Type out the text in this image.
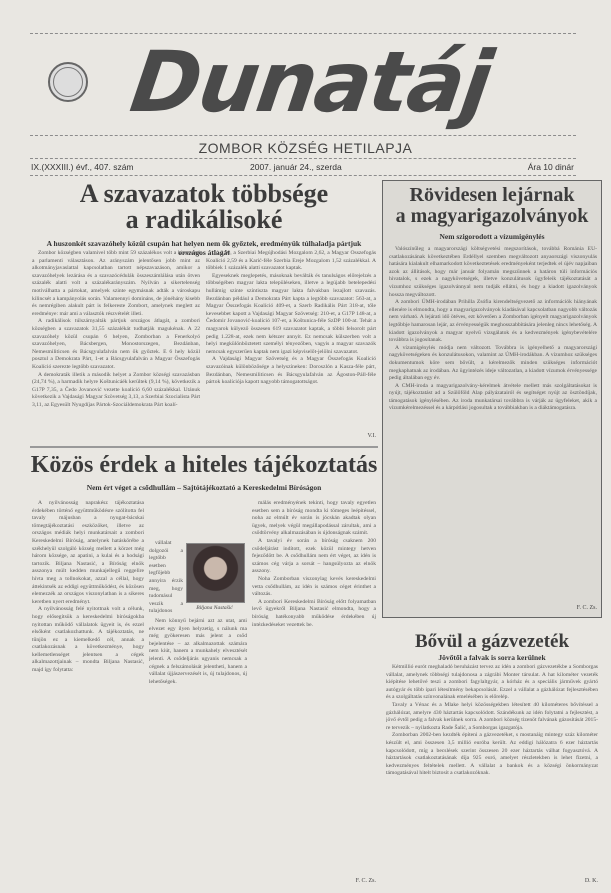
Dunatáj
ZOMBOR KÖZSÉG HETILAPJA
IX.(XXXIII.) évf., 407. szám	2007. január 24., szerda	Ára 10 dinár
A szavazatok többsége
a radikálisoké
A huszonkét szavazóhely közül csupán hat helyen nem ők győztek, eredményük túlhaladja pártjuk országos átlagát

Zombor községben valamivel több mint 59 százalékos volt a kimenetel a parlamenti választáson. Az arányszám jelentősen jobb mint az alkotmányjavaslattal kapcsolatban tartott népszavazáson, amikor a szavazóhelyek lezárása és a szavazócédulák összeszámlálása után ötven százalék alatti volt a százalékarányszám. Nyilván a sikertelenség motiválhatta a pártokat, amelyek szinte egymásnak adták a városkapu kilincsét a kampányolás során. Valamennyi domináns, de jónéhány kisebb és nemrégiben alakult párt is felkereste Zombort, amelynek meglett az eredménye: már ami a választók részvételét illeti.

A radikálisok túlszárnyalták pártjuk országos átlagát, a zombori községben a szavazatok 31,55 százalékát tudhatják magukénak. A 22 szavazóhely közül csupán 6 helyen, Zomborban a Fenerkolyó szavazóhelyen, Bácsbergen, Monostorszegen, Bezdánban, Nemesmiliticsen és Bácsgyulafalván nem ők győztek. E 6 hely közül posztul a Demokrata Párt, 1-et a Bácsgyulafalván a Magyar Összefogás Koalíció szerezte legtöbb szavazatot.

A demokraták illetik a második helyet a Zombor községi szavazásban (24,74 %), a harmadik helyre Koštunicáék kerültek (9,14 %), következik a G17P 7,35, a Čedo Jovanović vezette koalíció 6,60 százalékkal. Utánuk következik a Vajdasági Magyar Szövetség 3,13, a Szerbiai Szocialista Párt 3,11, az Egyesült Nyugdíjas Pártok-Szociáldemokrata Párt koalí-

ció 2,90, a Szerbiai Megújhodási Mozgalom 2,62, a Magyar Összefogás Koalíció 2,59 és a Karić-féle Szerbia Ereje Mozgalom 1,52 százalékkal. A többiek 1 százalék alatti szavazatot kaptak.

Egyeseknek meglepetés, másoknak beválták és tanulságos előrejelzés a többségében magyar lakta településeken, illetve a legújabb betelepedési hullámig szinte színtiszta magyar lakta falvakban lezajlott szavazás. Bezdánban például a Demokrata Párt kapta a legtöbb szavazatot: 563-at, a Magyar Összefogás Koalíció 409-et, a Szerb Radikális Párt 318-at, tőle kevesebbet kapott a Vajdasági Magyar Szövetség: 210-et, a G17P 148-at, a Čedomir Jovanović-koalíció 107-et, a Koštunica-féle SzDP 100-at. Tehát a magyarok külyező összesen 619 szavazatot kaptak, a többi felsorolt párt pedig 1.228-at, ezek nem kétszer annyit. Ez nemcsak külszerben volt a helyi megkülönböztetett személyi tényezőben, vagyis a magyar szavazók nemcsak egyszerűen kaptak nem igazi képviselőt-jelölni szavazatot.

A Vajdasági Magyar Szövetség és a Magyar Összefogás Koalíció szavazóinak különbözősége a helyszíneken: Doroszlón a Kasza-féle párt, Bezdánban, Nemesmiliticsen és Bácsgyulafalván az Ágoston-Páll-féle pártok koalíciója kapott nagyobb támogatottságot.

V.I.
Közös érdek a hiteles tájékoztatás
Nem ért véget a csődhullám – Sajtótájékoztató a Kereskedelmi Bíróságon

A nyilvánosság naprakész tájékoztatása érdekében történő együttműködésre szólította fel tavaly májusban a nyugat-bácskai tömegtájékoztatási eszközöket, illetve az országos médiák helyi munkatársait a zombori Kereskedelmi Bíróság, amelynek hatáskörébe a székhelyül szolgáló község mellett a körzet még három községe, az apatini, a kulai és a hodsági tartozik. Biljana Nastasić, a Bíróság elnök asszonya múlt kedden munkajellegű reggelire hívta meg a tollnokokat, azzal a céllal, hogy áttekintsék az eddigi együttműködést, és közösen elemezzék az országos viszonylatban is a sikeres keretben nyert eredményt.

A nyilvánosság felé nyitottnak volt a célunk, hogy elősegítsük a kereskedelmi bíróságokba nyitottan működő vállalatok ügyeit is, és ezzel elsőként csatlakozhattunk. A tájékoztatás, ne tűnjön ez a kiemelkedő cél, annak a csatlakozásnak a következménye, hogy kellemetlenséget jelentsen a cégek alkalmazottjainak – mondta Biljana Nastasić, majd így folytatta:

vállalat dolgozói a legtöbb esetben legfőjebb annyira érzik meg, hogy tudomásul veszik a tulajdonos

Nem könnyű bejárni azt az utat, ami elvezet egy ilyen helyzetig, s nálunk ma még gyökeresen más jelent a csőd bejelentése – az alkalmazottak számára nem kiút, hanem a munkahely elvesztését jelenti. A csődeljárás ugyanis nemcsak a cégnek a felszámolását jelentheti, hanem a vállalat újjászervezését is, új tulajdonos, új lehetőségek.

Biljana Nastašić

málás eredményének tekinti, hogy tavaly egyetlen esetben sem a bíróság mondta ki tömeges leépítéssel, noha az elmúlt év során is jócskán akadtak olyan ügyek, melyek végül megállapodással zárultak, ami a csődtörvény alkalmazásában is újdonságnak számít.

A tavalyi év során a bíróság csaknem 200 csődeljárást indított, ezek közül mintegy hetven fejeződött be. A csődhullám nem ért véget, az idén is számos cég várja a sorsát – hangsúlyozta az elnök asszony.

Noha Zomborban viszonylag kevés kereskedelmi vetta csődhullám, az idén is számos céget érinthet a változás.

A zombori Kereskedelmi Bíróság előtt folyamatban levő ügyekről Biljana Nastasić elmondta, hogy a bíróság hatékonyabb működése érdekében új intézkedéseket vezettek be.

F. C. Zs.
Rövidesen lejárnak
a magyarigazolványok
Nem szigorodott a vízumigénylés

Valószínűleg a magyarországi költségvetési megszorítások, továbbá Románia EU-csatlakozásának következtében Erdéllyel szemben megváltozott anyaországi viszonyulás hatására kialakult elhamarkodott következtetések eredményeként terjedtek el újév napjaiban azok az állítások, hogy már január folyamán megszűnnek a határon túli információs hivatalok, s ezek a nagykövetségek, illetve konzulátusok ügyfeleik tájékoztatását a vízumhoz szükséges igazolvánnyal nem tudják ellátni, és hogy a kiadott igazolványok hossza megváltozott.

A zombori ÚMH-irodában Prihilla Zsófia kirendeltségvezető az információk hiányának ellenére is elmondta, hogy a magyarigazolványok kiadásával kapcsolatban nagyobb változás nem várható. A lejárati idő ötéves, ezt követően a Zomborban igényelt magyarigazolványok legtöbbje hamarosan lejár, az érvényességük meghosszabbítására jelenleg nincs lehetőség. A kiadott igazolványok a magyar nyelvű vizsgálatok és a kedvezmények igénybevételére továbbra is jogosítanak.

A vízumigénylés módja nem változott. Továbbra is igényelhető a magyarországi nagykövetségeken és konzulátusokon, valamint az ÚMH-irodákban. A vízumhoz szükséges dokumentumok köre sem bővült, a kérelmezők minden szükséges információt megkaphatnak az irodában. Az ügyintézés ideje változatlan, a kiadott vízumok érvényessége pedig általában egy év.

A CMH-iroda a magyarigazolvány-kérelmek átvétele mellett más szolgáltatásokat is nyújt, tájékoztatást ad a Szülőföld Alap pályázatairól és segítséget nyújt az ösztöndíjak, támogatások igénylésében. Az iroda munkatársai továbbra is várják az ügyfeleket, akik a vízumkérelmezéssel és a kárpótlási jogosultak a továbbiakban is a diáktámogatásra.

F. C. Zs.
Bővül a gázvezeték
Jövőtől a falvak is sorra kerülnek

Kétmillió eurót meghaladó beruházást tervez az idén a zombori gázvezetékbe a Somborgas vállalat, amelynek többségi tulajdonosa a zágrábi Monter társulat. A hat kilométer vezeték kiépítése lehetővé teszi a zombori fagylaltgyár, a kórház és a speciális járművek gyártó autógyár és több ipari létesítmény bekapcsolását. Ezzel a vállalat a gázhálózat fejlesztésében és a szolgáltatás színvonalának emelésében is előrelép.

Tavaly a Vénac és a Mlake helyi közösségekben létesített 40 kilométeres bővítéssel a gázhálózat, amelyre 430 háztartás kapcsolódott. Szándékunk az idén folytatni a fejlesztést, a jövő évtől pedig a falvak kerülnek sorra. A zombori község tizenöt falvának gázosítását 2015-re tervezik – nyilatkozta Rade Šalić, a Somborgas igazgatója.

Zomborban 2002-ben kezdték építeni a gázvezetéket, s mostanáig mintegy száz kilométer készült el, ami összesen 3,5 millió euróba került. Az eddigi hálózatra 6 ezer háztartás kapcsolódott, míg a becslések szerint összesen 20 ezer háztartás válhat fogyasztóvá. A háztartások csatlakoztatásának díja 925 euró, amelyet részletekben is lehet fizetni, a kedvezményes feltételek mellett. A vállalat a bankok és a községi önkormányzat támogatásával hitelt biztosít a csatlakozóknak.

D. K.
